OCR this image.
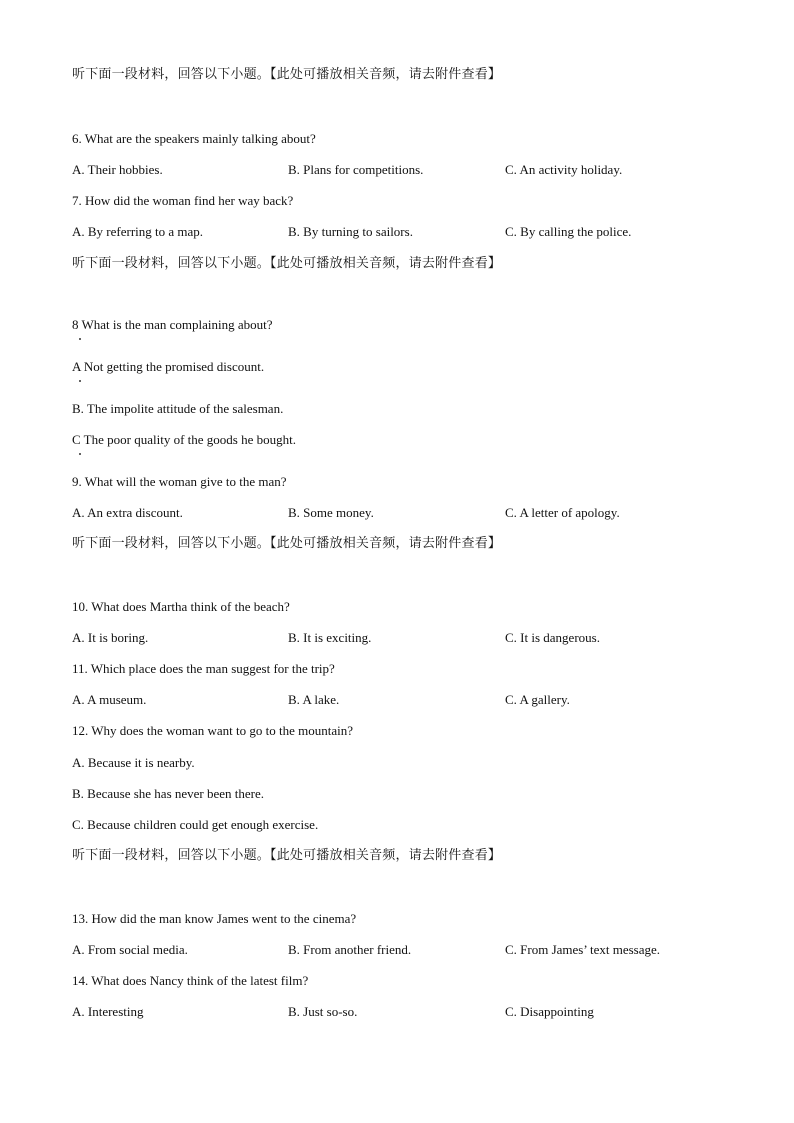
听下面一段材料，回答以下小题。【此处可播放相关音频，请去附件查看】
6. What are the speakers mainly talking about?
A. Their hobbies.	B. Plans for competitions.	C. An activity holiday.
7. How did the woman find her way back?
A. By referring to a map.	B. By turning to sailors.	C. By calling the police.
听下面一段材料，回答以下小题。【此处可播放相关音频，请去附件查看】
8 What is the man complaining about?
A Not getting the promised discount.
B. The impolite attitude of the salesman.
C The poor quality of the goods he bought.
9. What will the woman give to the man?
A. An extra discount.	B. Some money.	C. A letter of apology.
听下面一段材料，回答以下小题。【此处可播放相关音频，请去附件查看】
10. What does Martha think of the beach?
A. It is boring.	B. It is exciting.	C. It is dangerous.
11. Which place does the man suggest for the trip?
A. A museum.	B. A lake.	C. A gallery.
12. Why does the woman want to go to the mountain?
A. Because it is nearby.
B. Because she has never been there.
C. Because children could get enough exercise.
听下面一段材料，回答以下小题。【此处可播放相关音频，请去附件查看】
13. How did the man know James went to the cinema?
A. From social media.	B. From another friend.	C. From James’ text message.
14. What does Nancy think of the latest film?
A. Interesting	B. Just so-so.	C. Disappointing
